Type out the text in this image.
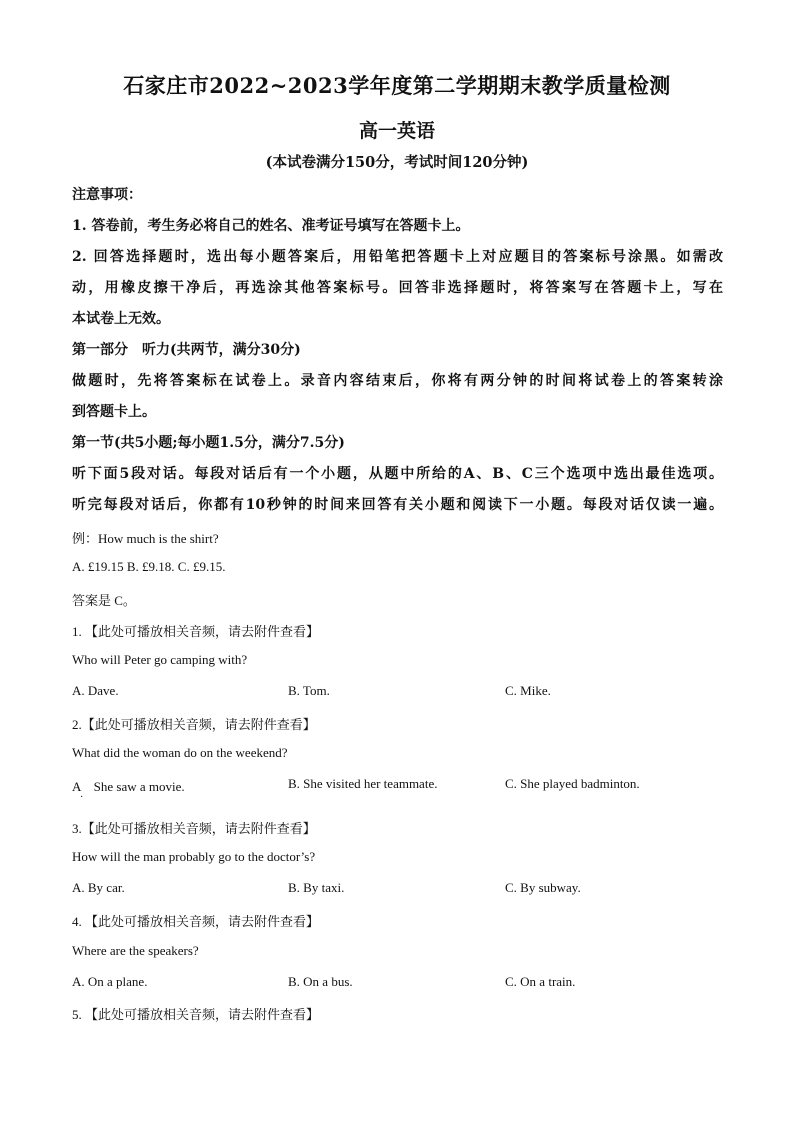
石家庄市2022~2023学年度第二学期期末教学质量检测
高一英语
(本试卷满分150分，考试时间120分钟)
注意事项：
1. 答卷前，考生务必将自己的姓名、准考证号填写在答题卡上。
2. 回答选择题时，选出每小题答案后，用铅笔把答题卡上对应题目的答案标号涂黑。如需改
动，用橡皮擦干净后，再选涂其他答案标号。回答非选择题时，将答案写在答题卡上，写在
本试卷上无效。
第一部分　听力(共两节，满分30分)
做题时，先将答案标在试卷上。录音内容结束后，你将有两分钟的时间将试卷上的答案转涂
到答题卡上。
第一节(共5小题;每小题1.5分，满分7.5分)
听下面5段对话。每段对话后有一个小题，从题中所给的A、B、C三个选项中选出最佳选项。
听完每段对话后，你都有10秒钟的时间来回答有关小题和阅读下一小题。每段对话仅读一遍。
例：How much is the shirt?
A. £19.15 B. £9.18. C. £9.15.
答案是 C。
1. 【此处可播放相关音频，请去附件查看】
Who will Peter go camping with?
A. Dave.	B. Tom.	C. Mike.
2.【此处可播放相关音频，请去附件查看】
What did the woman do on the weekend?
A　She saw a movie.	B. She visited her teammate.	C. She played badminton.
·
3.【此处可播放相关音频，请去附件查看】
How will the man probably go to the doctor’s?
A. By car.	B. By taxi.	C. By subway.
4. 【此处可播放相关音频，请去附件查看】
Where are the speakers?
A. On a plane.	B. On a bus.	C. On a train.
5. 【此处可播放相关音频，请去附件查看】
